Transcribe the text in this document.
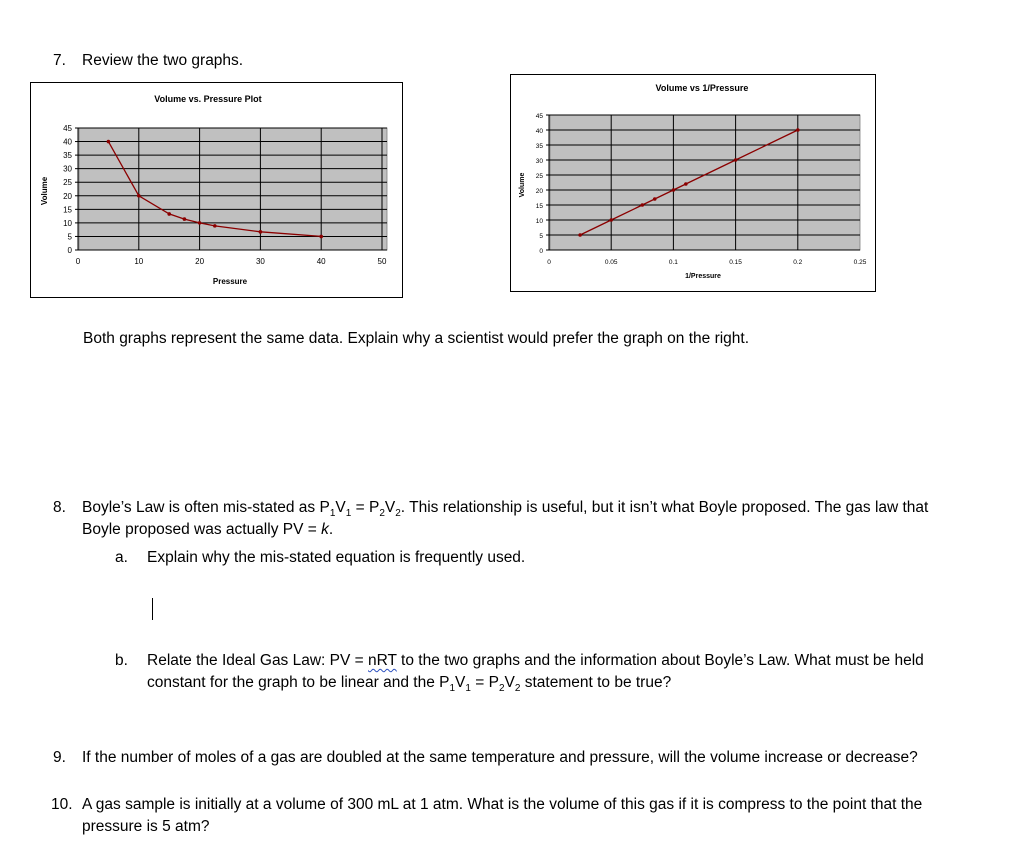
7. Review the two graphs.
Volume vs. Pressure Plot
0
5
10
15
20
25
30
35
40
45
0	10	20	30	40	50
Pressure
Volume
Volume vs 1/Pressure
0
5
10
15
20
25
30
35
40
45
0	0.05	0.1	0.15	0.2	0.25
1/Pressure
Volume
Both graphs represent the same data. Explain why a scientist would prefer the graph on the right.
8. Boyle’s Law is often mis-stated as $P_1V_1 = P_2V_2$. This relationship is useful, but it isn’t what Boyle proposed. The gas law that
Boyle proposed was actually PV = k.
a. Explain why the mis-stated equation is frequently used.
b. Relate the Ideal Gas Law: PV = nRT to the two graphs and the information about Boyle’s Law. What must be held
constant for the graph to be linear and the $P_1V_1 = P_2V_2$ statement to be true?
9. If the number of moles of a gas are doubled at the same temperature and pressure, will the volume increase or decrease?
10. A gas sample is initially at a volume of 300 mL at 1 atm. What is the volume of this gas if it is compress to the point that the
pressure is 5 atm?
